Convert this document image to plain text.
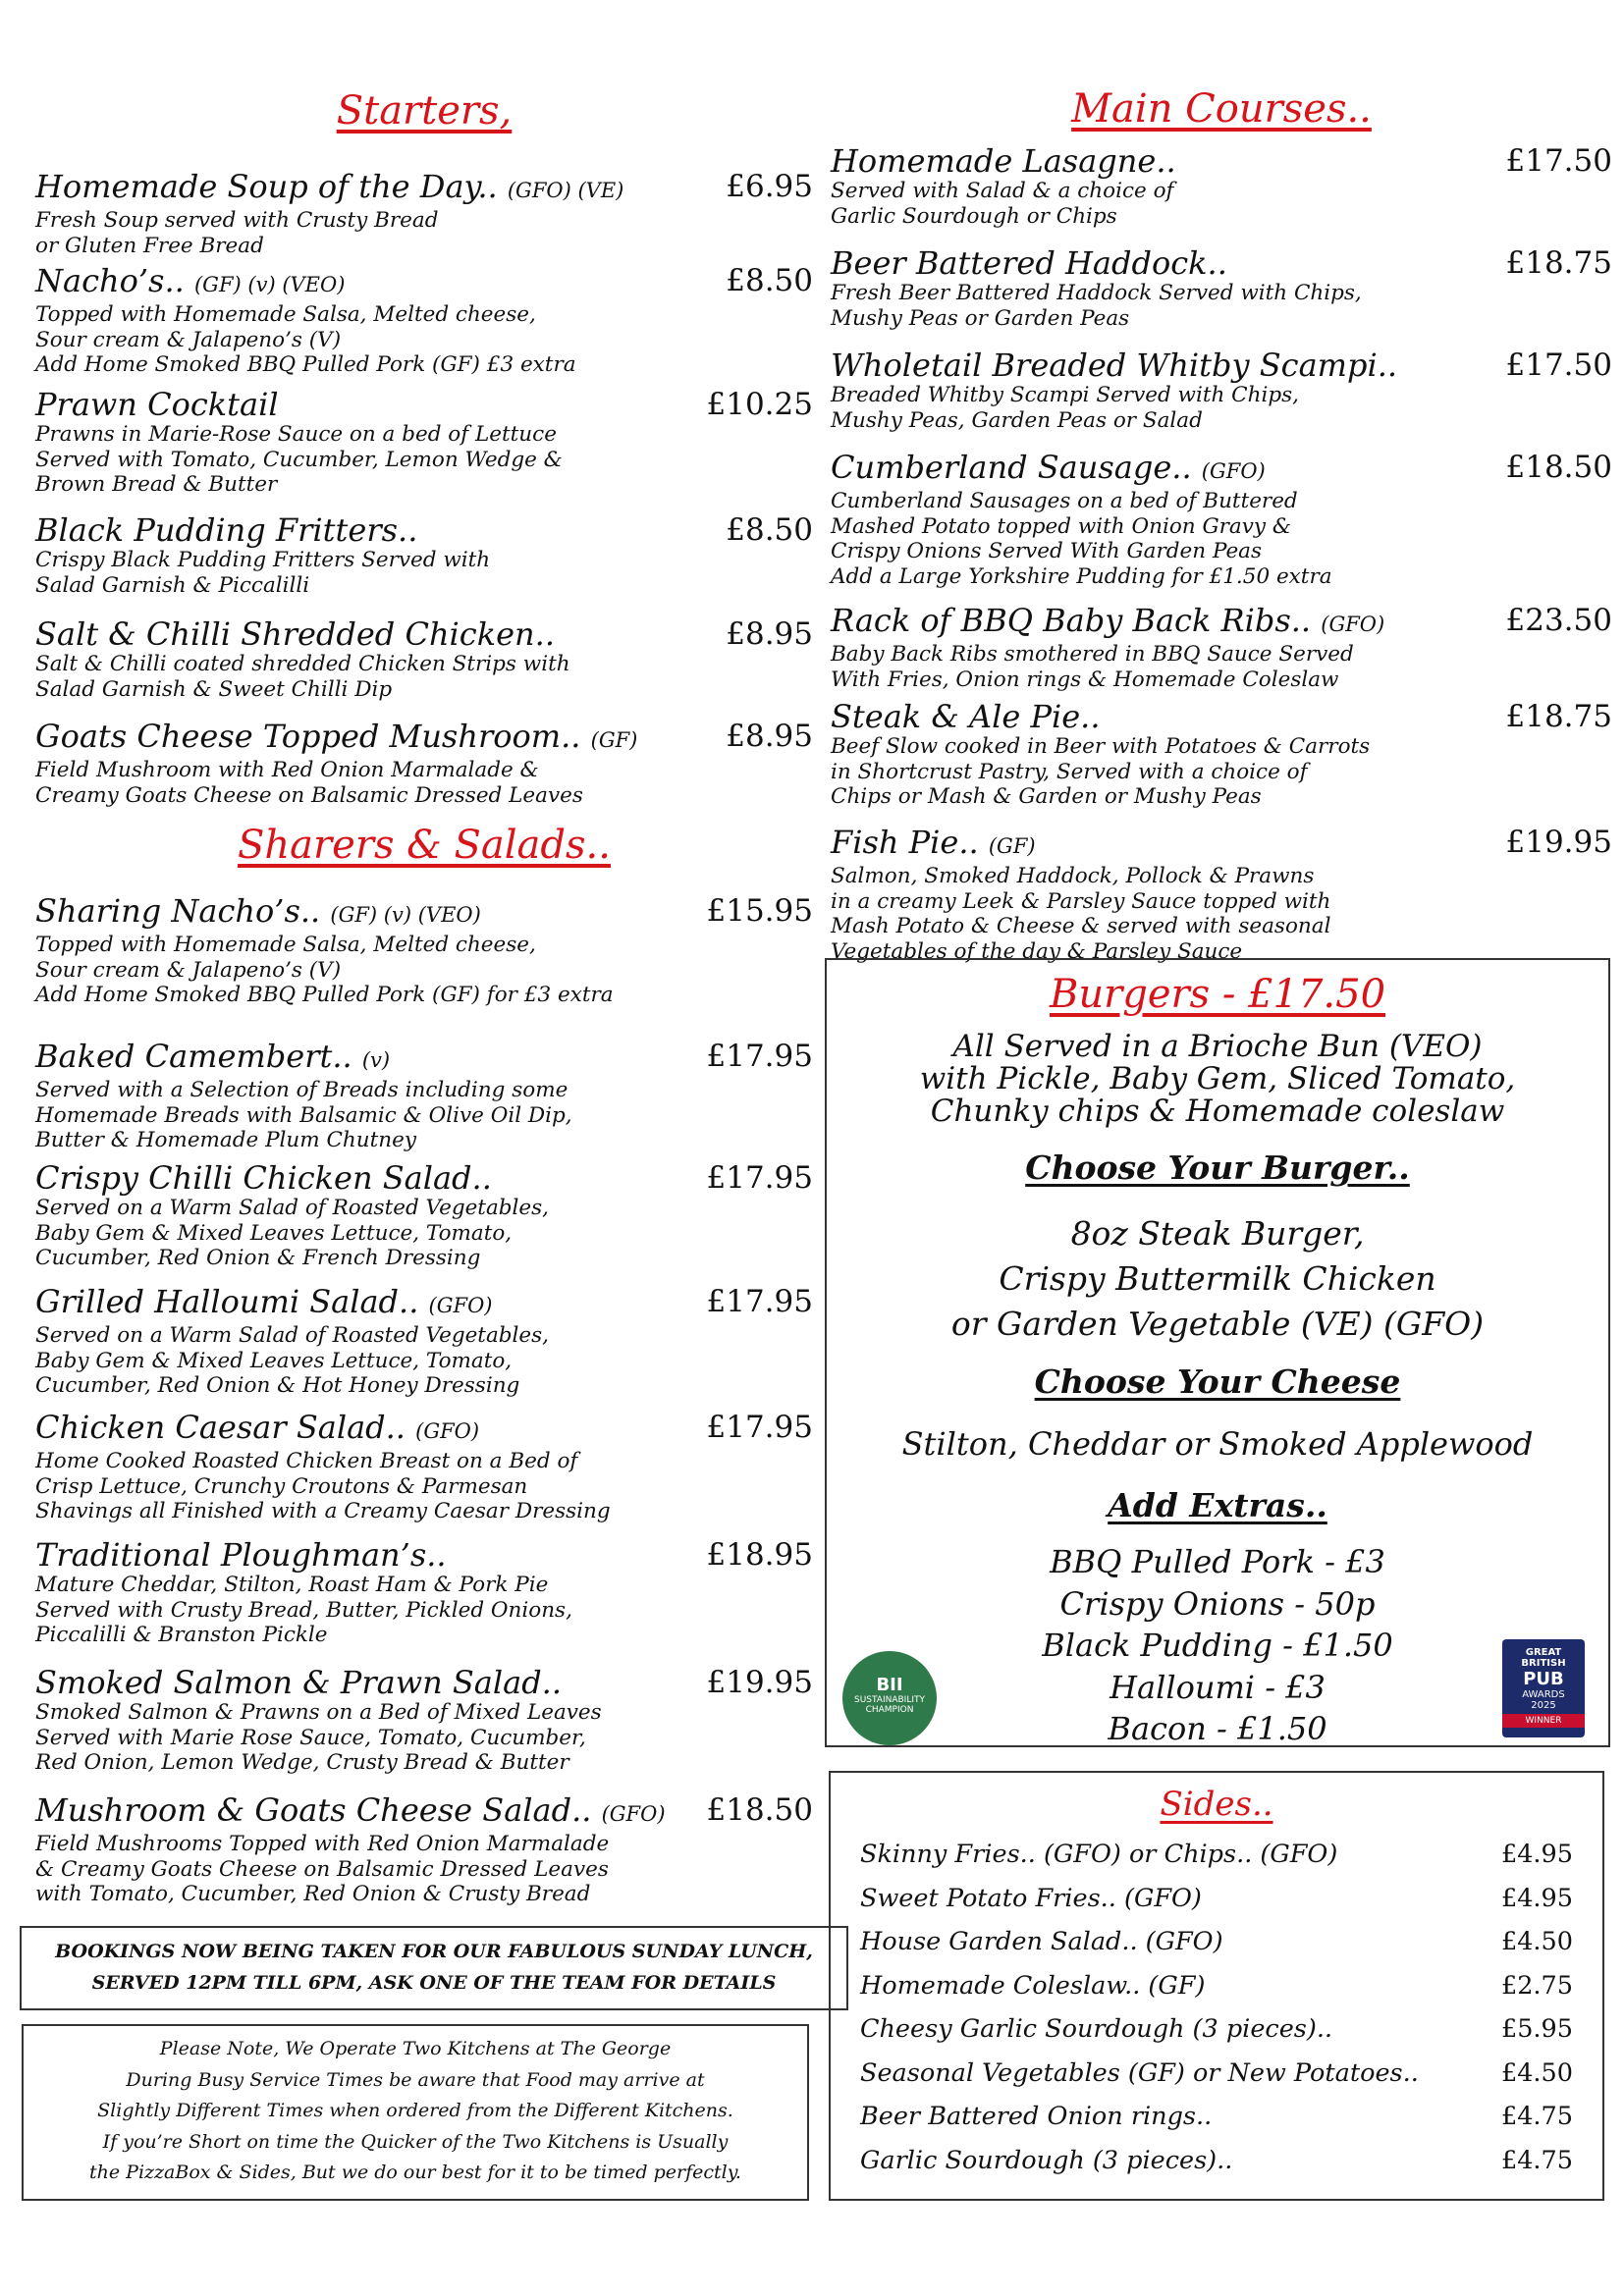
Starters,
Homemade Soup of the Day.. (GFO) (VE)	£6.95
Fresh Soup served with Crusty Bread
or Gluten Free Bread
Nacho’s.. (GF) (v) (VEO)	£8.50
Topped with Homemade Salsa, Melted cheese,
Sour cream & Jalapeno’s (V)
Add Home Smoked BBQ Pulled Pork (GF) £3 extra
Prawn Cocktail	£10.25
Prawns in Marie-Rose Sauce on a bed of Lettuce
Served with Tomato, Cucumber, Lemon Wedge &
Brown Bread & Butter
Black Pudding Fritters..	£8.50
Crispy Black Pudding Fritters Served with
Salad Garnish & Piccalilli
Salt & Chilli Shredded Chicken..	£8.95
Salt & Chilli coated shredded Chicken Strips with
Salad Garnish & Sweet Chilli Dip
Goats Cheese Topped Mushroom.. (GF)	£8.95
Field Mushroom with Red Onion Marmalade &
Creamy Goats Cheese on Balsamic Dressed Leaves
Sharers & Salads..
Sharing Nacho’s.. (GF) (v) (VEO)	£15.95
Topped with Homemade Salsa, Melted cheese,
Sour cream & Jalapeno’s (V)
Add Home Smoked BBQ Pulled Pork (GF) for £3 extra
Baked Camembert.. (v)	£17.95
Served with a Selection of Breads including some
Homemade Breads with Balsamic & Olive Oil Dip,
Butter & Homemade Plum Chutney
Crispy Chilli Chicken Salad..	£17.95
Served on a Warm Salad of Roasted Vegetables,
Baby Gem & Mixed Leaves Lettuce, Tomato,
Cucumber, Red Onion & French Dressing
Grilled Halloumi Salad.. (GFO)	£17.95
Served on a Warm Salad of Roasted Vegetables,
Baby Gem & Mixed Leaves Lettuce, Tomato,
Cucumber, Red Onion & Hot Honey Dressing
Chicken Caesar Salad.. (GFO)	£17.95
Home Cooked Roasted Chicken Breast on a Bed of
Crisp Lettuce, Crunchy Croutons & Parmesan
Shavings all Finished with a Creamy Caesar Dressing
Traditional Ploughman’s..	£18.95
Mature Cheddar, Stilton, Roast Ham & Pork Pie
Served with Crusty Bread, Butter, Pickled Onions,
Piccalilli & Branston Pickle
Smoked Salmon & Prawn Salad..	£19.95
Smoked Salmon & Prawns on a Bed of Mixed Leaves
Served with Marie Rose Sauce, Tomato, Cucumber,
Red Onion, Lemon Wedge, Crusty Bread & Butter
Mushroom & Goats Cheese Salad.. (GFO) £18.50
Field Mushrooms Topped with Red Onion Marmalade
& Creamy Goats Cheese on Balsamic Dressed Leaves
with Tomato, Cucumber, Red Onion & Crusty Bread
BOOKINGS NOW BEING TAKEN FOR OUR FABULOUS SUNDAY LUNCH,
SERVED 12PM TILL 6PM, ASK ONE OF THE TEAM FOR DETAILS
Please Note, We Operate Two Kitchens at The George
During Busy Service Times be aware that Food may arrive at
Slightly Different Times when ordered from the Different Kitchens.
If you’re Short on time the Quicker of the Two Kitchens is Usually
the PizzaBox & Sides, But we do our best for it to be timed perfectly.
Main Courses..
Homemade Lasagne..	£17.50
Served with Salad & a choice of
Garlic Sourdough or Chips
Beer Battered Haddock..	£18.75
Fresh Beer Battered Haddock Served with Chips,
Mushy Peas or Garden Peas
Wholetail Breaded Whitby Scampi..	£17.50
Breaded Whitby Scampi Served with Chips,
Mushy Peas, Garden Peas or Salad
Cumberland Sausage.. (GFO)	£18.50
Cumberland Sausages on a bed of Buttered
Mashed Potato topped with Onion Gravy &
Crispy Onions Served With Garden Peas
Add a Large Yorkshire Pudding for £1.50 extra
Rack of BBQ Baby Back Ribs.. (GFO)	£23.50
Baby Back Ribs smothered in BBQ Sauce Served
With Fries, Onion rings & Homemade Coleslaw
Steak & Ale Pie..	£18.75
Beef Slow cooked in Beer with Potatoes & Carrots
in Shortcrust Pastry, Served with a choice of
Chips or Mash & Garden or Mushy Peas
Fish Pie.. (GF)	£19.95
Salmon, Smoked Haddock, Pollock & Prawns
in a creamy Leek & Parsley Sauce topped with
Mash Potato & Cheese & served with seasonal
Vegetables of the day & Parsley Sauce
Burgers - £17.50
All Served in a Brioche Bun (VEO)
with Pickle, Baby Gem, Sliced Tomato,
Chunky chips & Homemade coleslaw
Choose Your Burger..
8oz Steak Burger,
Crispy Buttermilk Chicken
or Garden Vegetable (VE) (GFO)
Choose Your Cheese
Stilton, Cheddar or Smoked Applewood
Add Extras..
BBQ Pulled Pork - £3
Crispy Onions - 50p
Black Pudding - £1.50
Halloumi - £3
Bacon - £1.50
BII
SUSTAINABILITY
CHAMPION
GREAT
BRITISH
PUB
AWARDS
2025
WINNER
Sides..
Skinny Fries.. (GFO) or Chips.. (GFO)	£4.95
Sweet Potato Fries.. (GFO)	£4.95
House Garden Salad.. (GFO)	£4.50
Homemade Coleslaw.. (GF)	£2.75
Cheesy Garlic Sourdough (3 pieces)..	£5.95
Seasonal Vegetables (GF) or New Potatoes..	£4.50
Beer Battered Onion rings..	£4.75
Garlic Sourdough (3 pieces)..	£4.75
